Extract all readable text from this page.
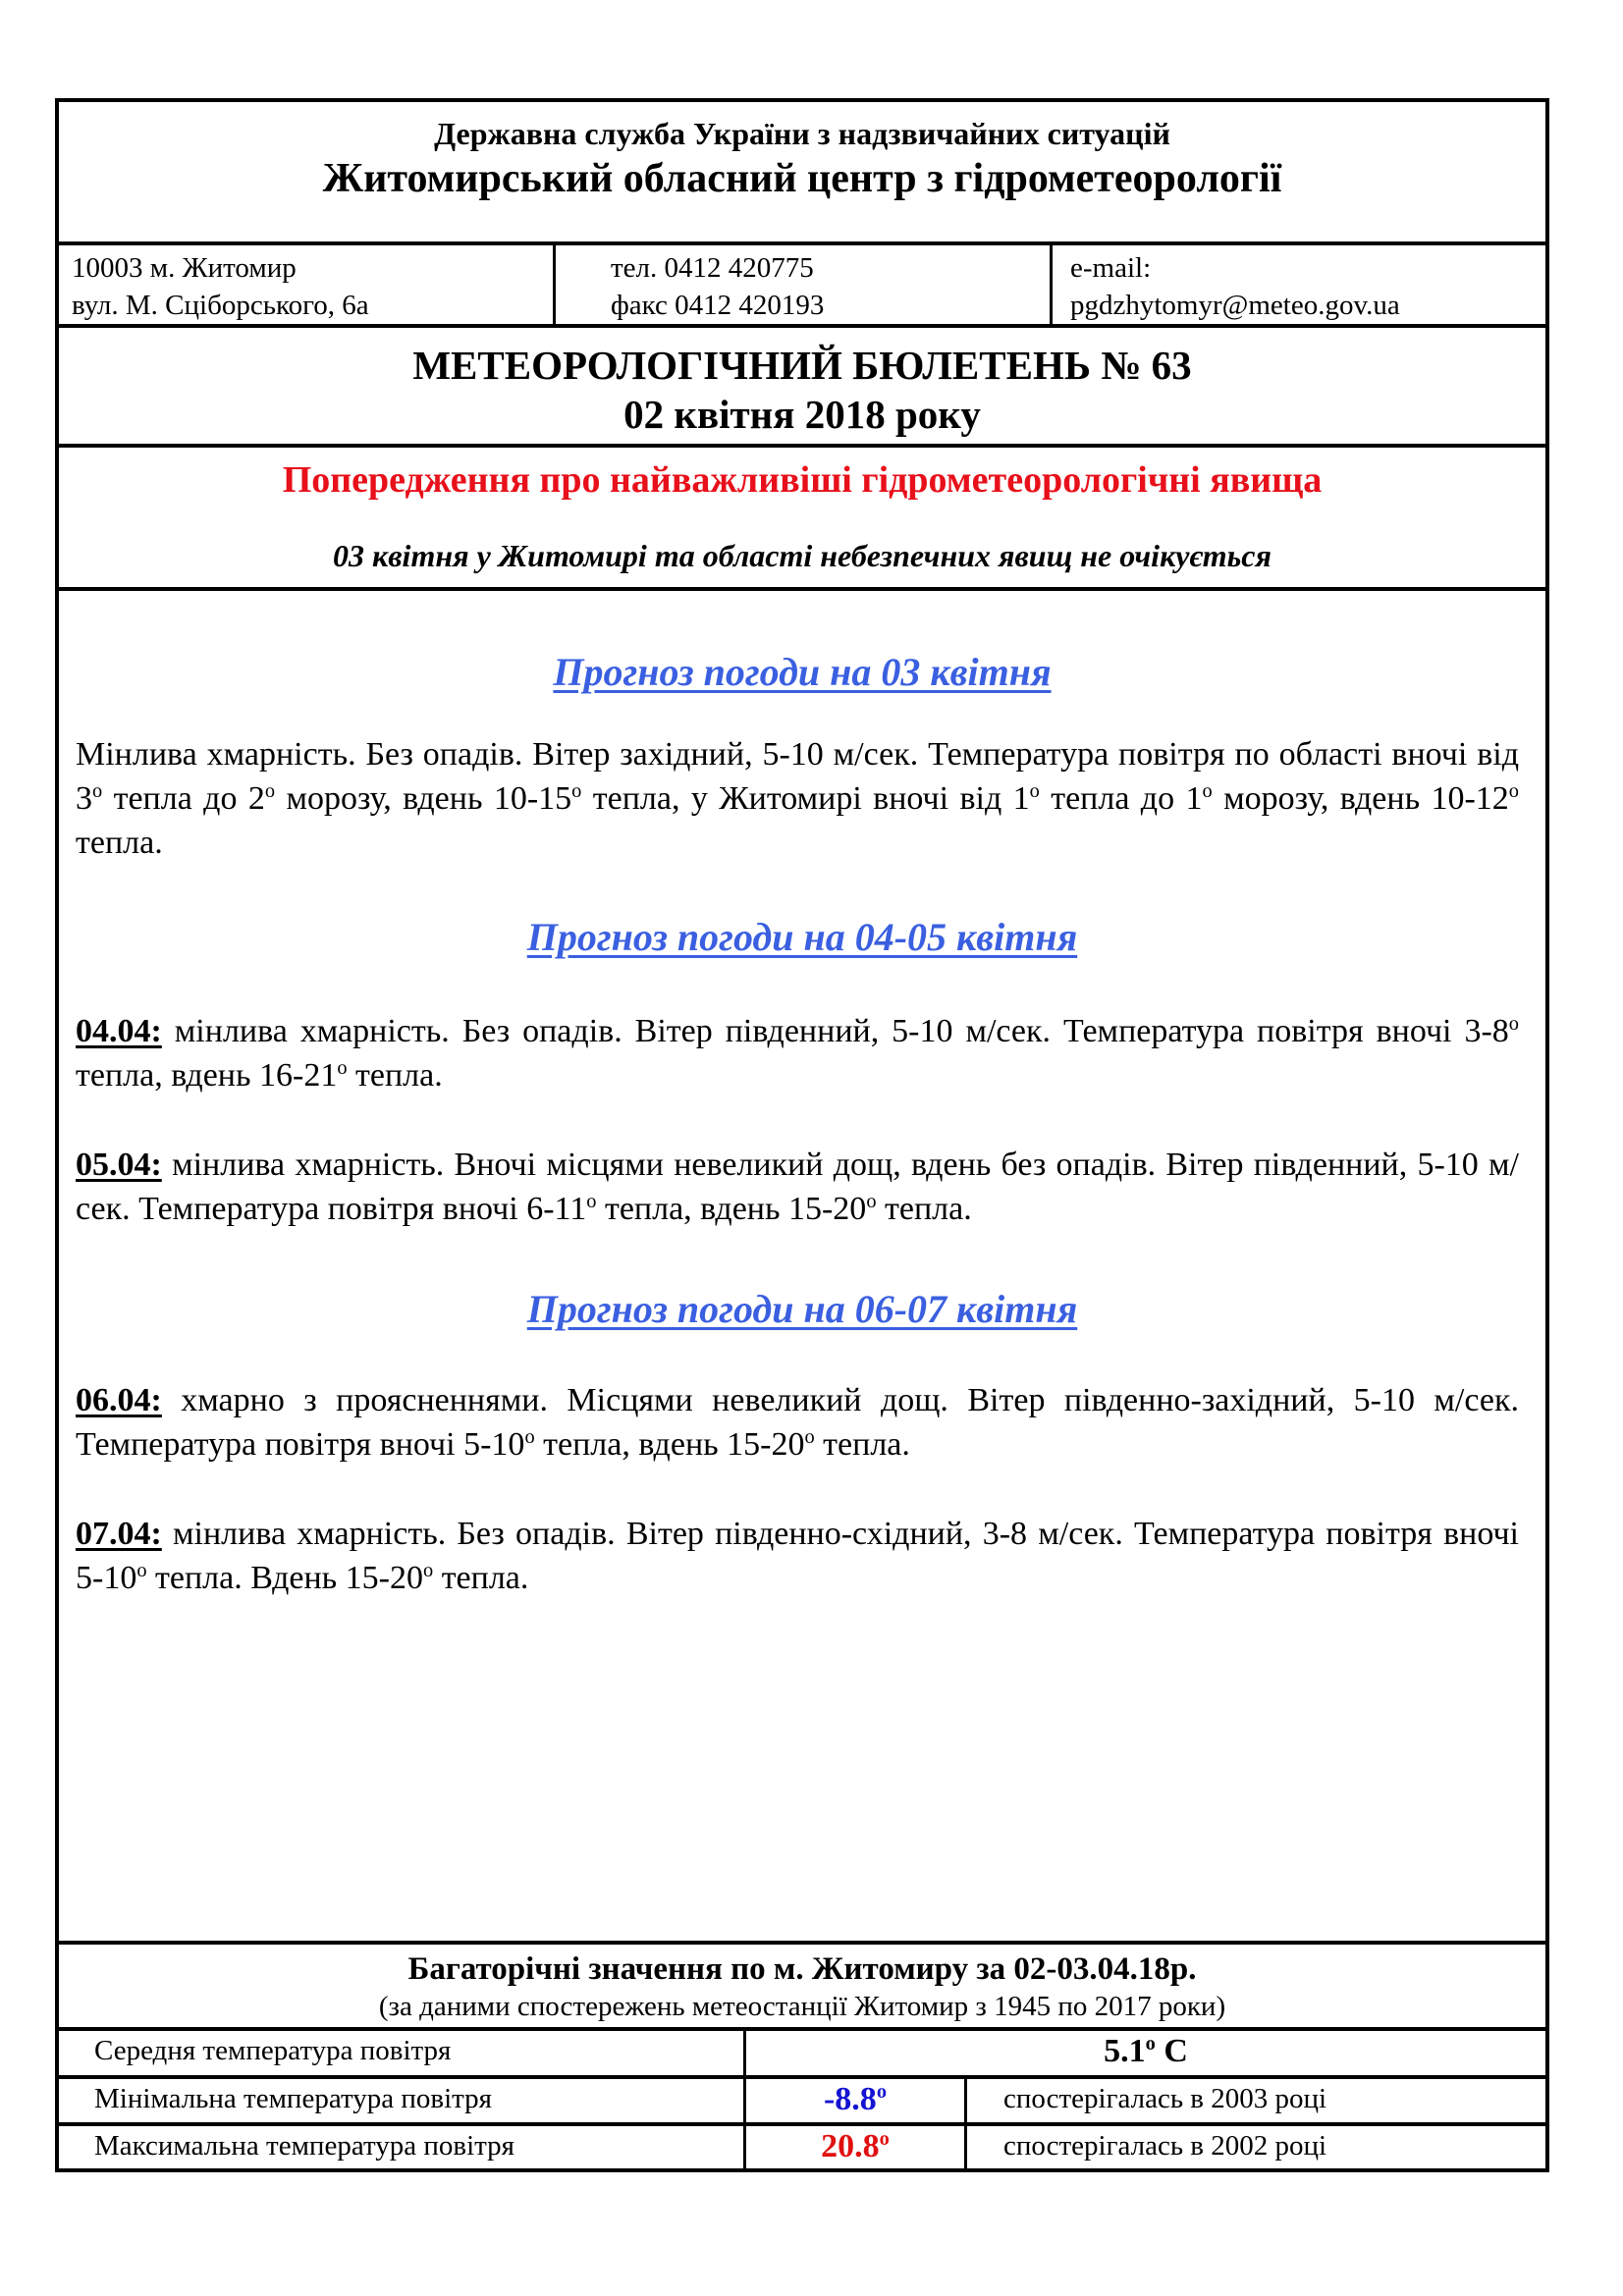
Державна служба України з надзвичайних ситуацій
Житомирський обласний центр з гідрометеорології
10003 м. Житомир
вул. М. Сціборського, 6а
тел. 0412 420775
факс 0412 420193
e-mail:
pgdzhytomyr@meteo.gov.ua
МЕТЕОРОЛОГІЧНИЙ БЮЛЕТЕНЬ № 63
02 квітня 2018 року
Попередження про найважливіші гідрометеорологічні явища
03 квітня у Житомирі та області небезпечних явищ не очікується
Прогноз погоди на 03 квітня
Мінлива хмарність. Без опадів. Вітер західний, 5-10 м/сек. Температура повітря по області вночі від 3$^o$ тепла до 2$^o$ морозу, вдень 10-15$^o$ тепла, у Житомирі вночі від 1$^o$ тепла до 1$^o$ морозу, вдень 10-12$^o$ тепла.
Прогноз погоди на 04-05 квітня
04.04: мінлива хмарність. Без опадів. Вітер південний, 5-10 м/сек. Температура повітря вночі 3-8$^o$ тепла, вдень 16-21$^o$ тепла.
05.04: мінлива хмарність. Вночі місцями невеликий дощ, вдень без опадів. Вітер південний, 5-10 м/сек. Температура повітря вночі 6-11$^o$ тепла, вдень 15-20$^o$ тепла.
Прогноз погоди на 06-07 квітня
06.04: хмарно з проясненнями. Місцями невеликий дощ. Вітер південно-західний, 5-10 м/сек. Температура повітря вночі 5-10$^o$ тепла, вдень 15-20$^o$ тепла.
07.04: мінлива хмарність. Без опадів. Вітер південно-східний, 3-8 м/сек. Температура повітря вночі 5-10$^o$ тепла. Вдень 15-20$^o$ тепла.
Багаторічні значення по м. Житомиру за 02-03.04.18р.
(за даними спостережень метеостанції Житомир з 1945 по 2017 роки)
Середня температура повітря	5.1$^o$ C
Мінімальна температура повітря	-8.8$^o$	спостерігалась в 2003 році
Максимальна температура повітря	20.8$^o$	спостерігалась в 2002 році
